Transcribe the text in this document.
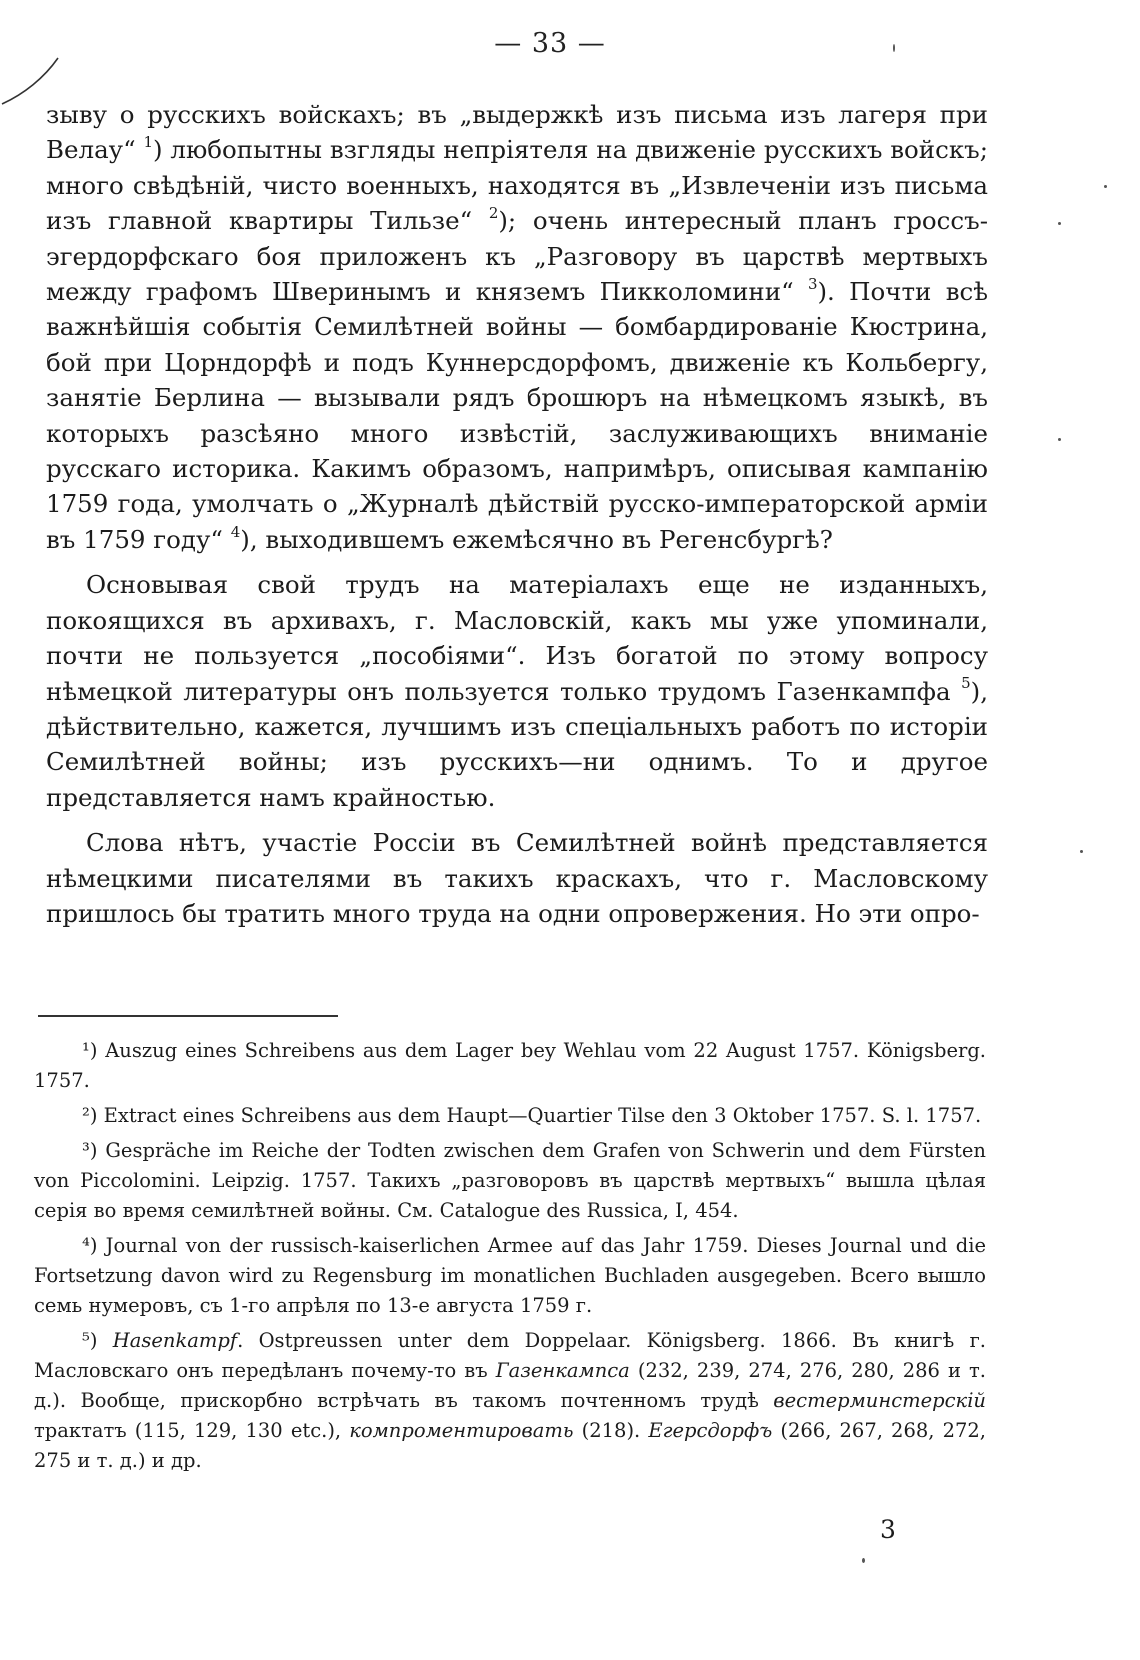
— 33 —

зыву о русскихъ войскахъ; въ „выдержкѣ изъ письма изъ лагеря при Велау“ $^1$) любопытны взгляды непріятеля на движеніе русскихъ войскъ; много свѣдѣній, чисто военныхъ, находятся въ „Извлеченіи изъ письма изъ главной квартиры Тильзе“ $^2$); очень интересный планъ гроссъ-эгердорфскаго боя приложенъ къ „Разговору въ царствѣ мертвыхъ между графомъ Шверинымъ и княземъ Пикколомини“ $^3$). Почти всѣ важнѣйшія событія Семилѣтней войны — бомбардированіе Кюстрина, бой при Цорндорфѣ и подъ Куннерсдорфомъ, движеніе къ Кольбергу, занятіе Берлина — вызывали рядъ брошюръ на нѣмецкомъ языкѣ, въ которыхъ разсѣяно много извѣстій, заслуживающихъ вниманіе русскаго историка. Какимъ образомъ, напримѣръ, описывая кампанію 1759 года, умолчать о „Журналѣ дѣйствій русско-императорской арміи въ 1759 году“ $^4$), выходившемъ ежемѣсячно въ Регенсбургѣ?

Основывая свой трудъ на матеріалахъ еще не изданныхъ, покоящихся въ архивахъ, г. Масловскій, какъ мы уже упоминали, почти не пользуется „пособіями“. Изъ богатой по этому вопросу нѣмецкой литературы онъ пользуется только трудомъ Газенкампфа $^5$), дѣйствительно, кажется, лучшимъ изъ спеціальныхъ работъ по исторіи Семилѣтней войны; изъ русскихъ—ни однимъ. То и другое представляется намъ крайностью.

Слова нѣтъ, участіе Россіи въ Семилѣтней войнѣ представляется нѣмецкими писателями въ такихъ краскахъ, что г. Масловскому пришлось бы тратить много труда на одни опровержения. Но эти опро-

¹) Auszug eines Schreibens aus dem Lager bey Wehlau vom 22 August 1757. Königsberg. 1757.

²) Extract eines Schreibens aus dem Haupt—Quartier Tilse den 3 Oktober 1757. S. l. 1757.

³) Gespräche im Reiche der Todten zwischen dem Grafen von Schwerin und dem Fürsten von Piccolomini. Leipzig. 1757. Такихъ „разговоровъ въ царствѣ мертвыхъ“ вышла цѣлая серія во время семилѣтней войны. См. Catalogue des Russica, I, 454.

⁴) Journal von der russisch-kaiserlichen Armee auf das Jahr 1759. Dieses Journal und die Fortsetzung davon wird zu Regensburg im monatlichen Buchladen ausgegeben. Всего вышло семь нумеровъ, съ 1-го апрѣля по 13-е августа 1759 г.

⁵) Hasenkampf. Ostpreussen unter dem Doppelaar. Königsberg. 1866. Въ книгѣ г. Масловскаго онъ передѣланъ почему-то въ Газенкампса (232, 239, 274, 276, 280, 286 и т. д.). Вообще, прискорбно встрѣчать въ такомъ почтенномъ трудѣ вестерминстерскій трактатъ (115, 129, 130 etc.), компроментировать (218). Егерсдорфъ (266, 267, 268, 272, 275 и т. д.) и др.

3
